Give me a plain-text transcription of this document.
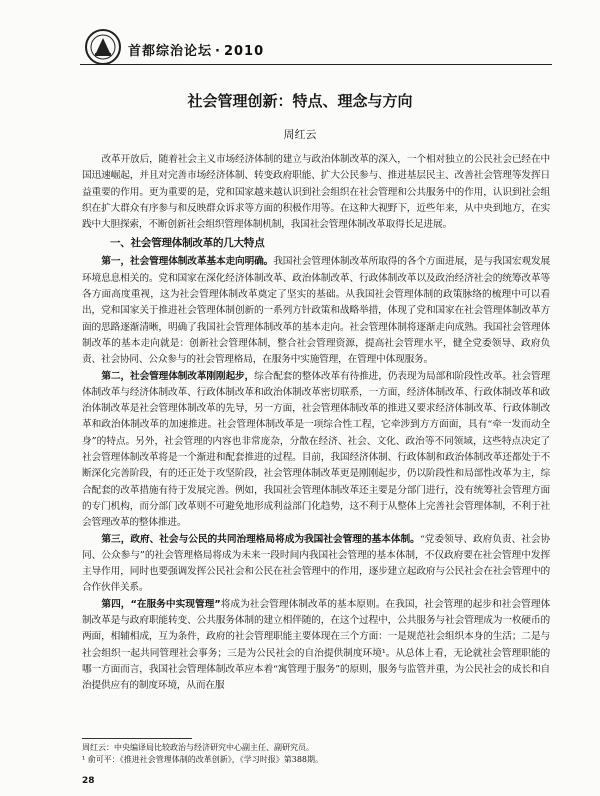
首都综治论坛 · 2010
社会管理创新：特点、理念与方向
周红云

改革开放后，随着社会主义市场经济体制的建立与政治体制改革的深入，一个相对独立的公民社会已经在中国迅速崛起，并且对完善市场经济体制、转变政府职能、扩大公民参与、推进基层民主、改善社会管理等发挥日益重要的作用。更为重要的是，党和国家越来越认识到社会组织在社会管理和公共服务中的作用，认识到社会组织在扩大群众有序参与和反映群众诉求等方面的积极作用等。在这种大视野下，近些年来，从中央到地方，在实践中大胆探索，不断创新社会组织管理体制机制，我国社会管理体制改革取得长足进展。

一、社会管理体制改革的几大特点

第一，社会管理体制改革基本走向明确。我国社会管理体制改革所取得的各个方面进展，是与我国宏观发展环境息息相关的。党和国家在深化经济体制改革、政治体制改革、行政体制改革以及政治经济社会的统筹改革等各方面高度重视，这为社会管理体制改革奠定了坚实的基础。从我国社会管理体制的政策脉络的梳理中可以看出，党和国家关于推进社会管理体制创新的一系列方针政策和战略举措，体现了党和国家在社会管理体制改革方面的思路逐渐清晰，明确了我国社会管理体制改革的基本走向。社会管理体制将逐渐走向成熟。我国社会管理体制改革的基本走向就是：创新社会管理体制，整合社会管理资源，提高社会管理水平，健全党委领导、政府负责、社会协同、公众参与的社会管理格局，在服务中实施管理，在管理中体现服务。

第二，社会管理体制改革刚刚起步，综合配套的整体改革有待推进，仍表现为局部和阶段性改革。社会管理体制改革与经济体制改革、行政体制改革和政治体制改革密切联系，一方面，经济体制改革、行政体制改革和政治体制改革是社会管理体制改革的先导，另一方面，社会管理体制改革的推进又要求经济体制改革、行政体制改革和政治体制改革的加速推进。社会管理体制改革是一项综合性工程，它牵涉到方方面面，具有“牵一发而动全身”的特点。另外，社会管理的内容也非常庞杂，分散在经济、社会、文化、政治等不同领域，这些特点决定了社会管理体制改革将是一个渐进和配套推进的过程。目前，我国经济体制、行政体制和政治体制改革还都处于不断深化完善阶段，有的还正处于攻坚阶段，社会管理体制改革更是刚刚起步，仍以阶段性和局部性改革为主，综合配套的改革措施有待于发展完善。例如，我国社会管理体制改革还主要是分部门进行，没有统筹社会管理方面的专门机构，而分部门改革则不可避免地形成利益部门化趋势，这不利于从整体上完善社会管理体制，不利于社会管理改革的整体推进。

第三，政府、社会与公民的共同治理格局将成为我国社会管理的基本体制。“党委领导、政府负责、社会协同、公众参与”的社会管理格局将成为未来一段时间内我国社会管理的基本体制，不仅政府要在社会管理中发挥主导作用，同时也要强调发挥公民社会和公民在社会管理中的作用，逐步建立起政府与公民社会在社会管理中的合作伙伴关系。

第四，“在服务中实现管理”将成为社会管理体制改革的基本原则。在我国，社会管理的起步和社会管理体制改革是与政府职能转变、公共服务体制的建立相伴随的，在这个过程中，公共服务与社会管理成为一枚硬币的两面，相辅相成，互为条件，政府的社会管理职能主要体现在三个方面：一是规范社会组织本身的生活；二是与社会组织一起共同管理社会事务；三是为公民社会的自治提供制度环境¹。从总体上看，无论就社会管理职能的哪一方面而言，我国社会管理体制改革应本着“寓管理于服务”的原则，服务与监管并重，为公民社会的成长和自治提供应有的制度环境，从而在服

周红云：中央编译局比较政治与经济研究中心副主任、副研究员。
¹ 俞可平：《推进社会管理体制的改革创新》，《学习时报》第388期。
28
